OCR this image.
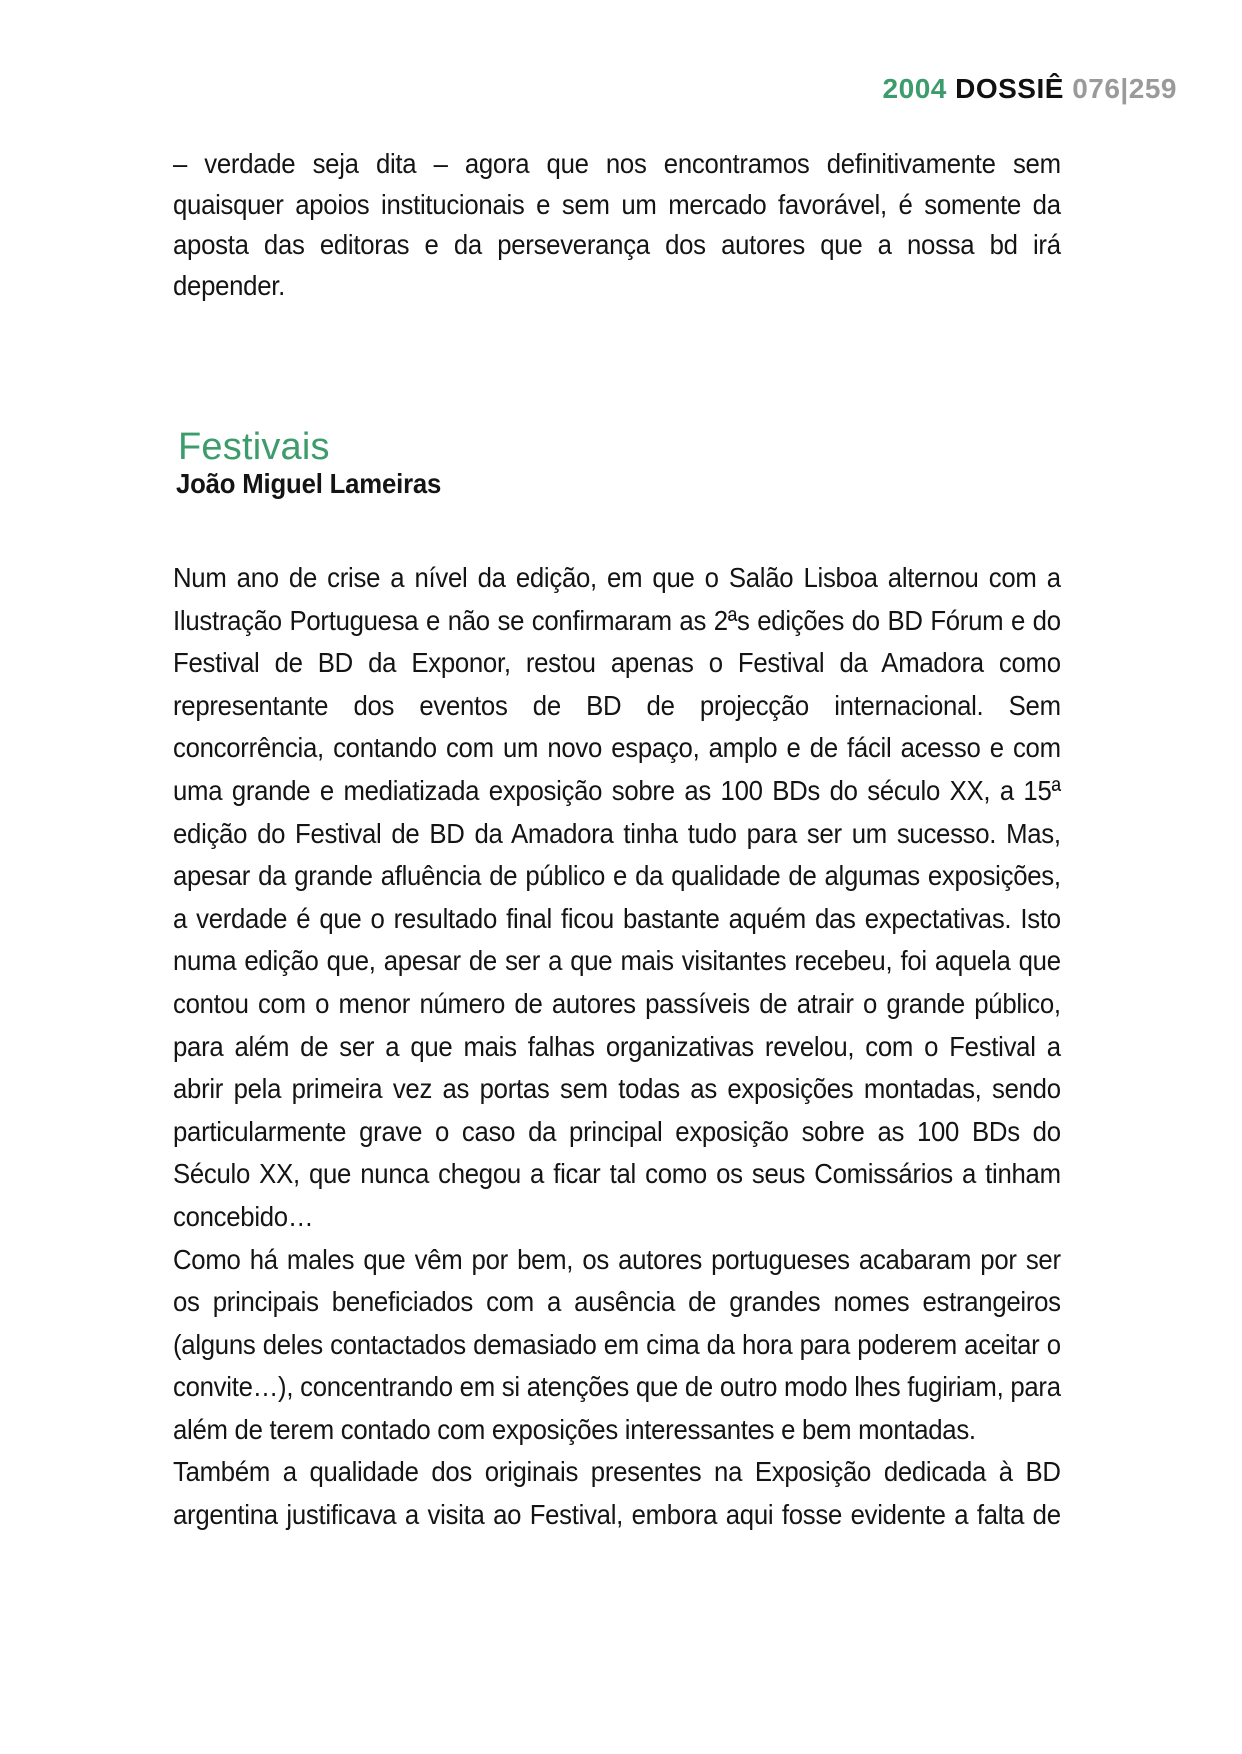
2004 DOSSIÊ 076|259
– verdade seja dita – agora que nos encontramos definitivamente sem
quaisquer apoios institucionais e sem um mercado favorável, é somente da
aposta das editoras e da perseverança dos autores que a nossa bd irá
depender.
Festivais
João Miguel Lameiras
Num ano de crise a nível da edição, em que o Salão Lisboa alternou com a
Ilustração Portuguesa e não se confirmaram as 2ªs edições do BD Fórum e do
Festival de BD da Exponor, restou apenas o Festival da Amadora como
representante dos eventos de BD de projecção internacional. Sem
concorrência, contando com um novo espaço, amplo e de fácil acesso e com
uma grande e mediatizada exposição sobre as 100 BDs do século XX, a 15ª
edição do Festival de BD da Amadora tinha tudo para ser um sucesso. Mas,
apesar da grande afluência de público e da qualidade de algumas exposições,
a verdade é que o resultado final ficou bastante aquém das expectativas. Isto
numa edição que, apesar de ser a que mais visitantes recebeu, foi aquela que
contou com o menor número de autores passíveis de atrair o grande público,
para além de ser a que mais falhas organizativas revelou, com o Festival a
abrir pela primeira vez as portas sem todas as exposições montadas, sendo
particularmente grave o caso da principal exposição sobre as 100 BDs do
Século XX, que nunca chegou a ficar tal como os seus Comissários a tinham
concebido…
Como há males que vêm por bem, os autores portugueses acabaram por ser
os principais beneficiados com a ausência de grandes nomes estrangeiros
(alguns deles contactados demasiado em cima da hora para poderem aceitar o
convite…), concentrando em si atenções que de outro modo lhes fugiriam, para
além de terem contado com exposições interessantes e bem montadas.
Também a qualidade dos originais presentes na Exposição dedicada à BD
argentina justificava a visita ao Festival, embora aqui fosse evidente a falta de
